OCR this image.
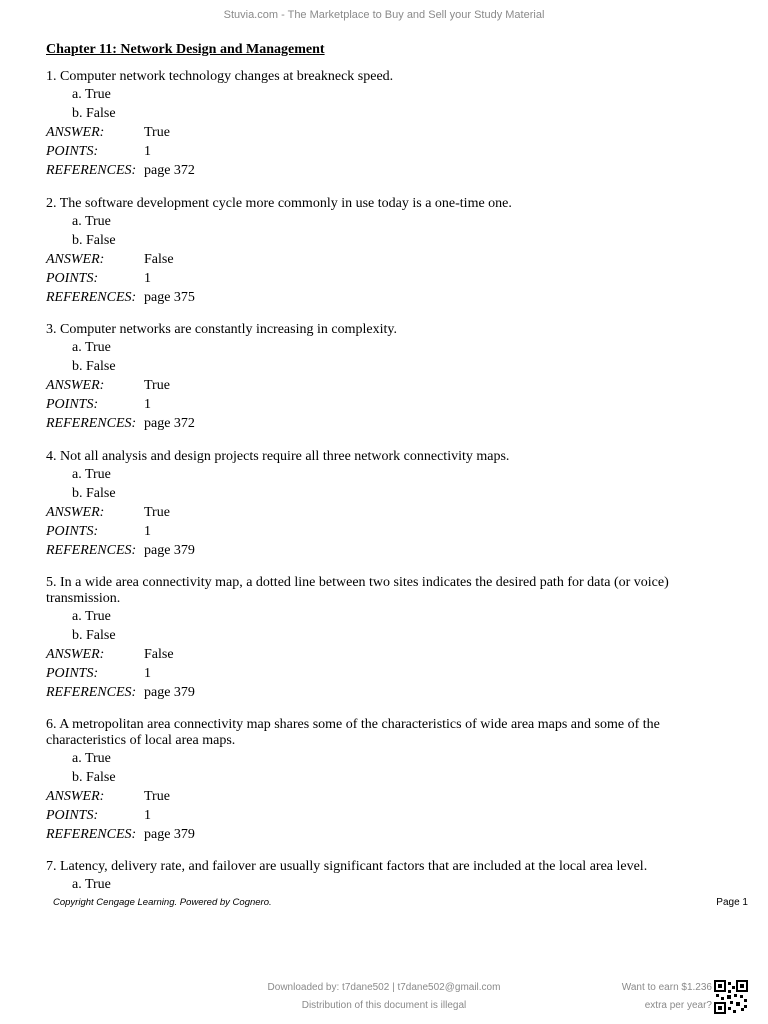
Stuvia.com - The Marketplace to Buy and Sell your Study Material
Chapter 11: Network Design and Management

1. Computer network technology changes at breakneck speed.

a. True
b. False
ANSWER:	True
POINTS:	1
REFERENCES: page 372

2. The software development cycle more commonly in use today is a one-time one.

a. True
b. False
ANSWER:	False
POINTS:	1
REFERENCES: page 375

3. Computer networks are constantly increasing in complexity.

a. True
b. False
ANSWER:	True
POINTS:	1
REFERENCES: page 372

4. Not all analysis and design projects require all three network connectivity maps.

a. True
b. False
ANSWER:	True
POINTS:	1
REFERENCES: page 379

5. In a wide area connectivity map, a dotted line between two sites indicates the desired path for data (or voice) transmission.

a. True
b. False
ANSWER:	False
POINTS:	1
REFERENCES: page 379

6. A metropolitan area connectivity map shares some of the characteristics of wide area maps and some of the characteristics of local area maps.

a. True
b. False
ANSWER:	True
POINTS:	1
REFERENCES: page 379

7. Latency, delivery rate, and failover are usually significant factors that are included at the local area level.

a. True
Copyright Cengage Learning. Powered by Cognero.	Page 1
Downloaded by: t7dane502 | t7dane502@gmail.com
Distribution of this document is illegal
Want to earn $1.236
extra per year?
